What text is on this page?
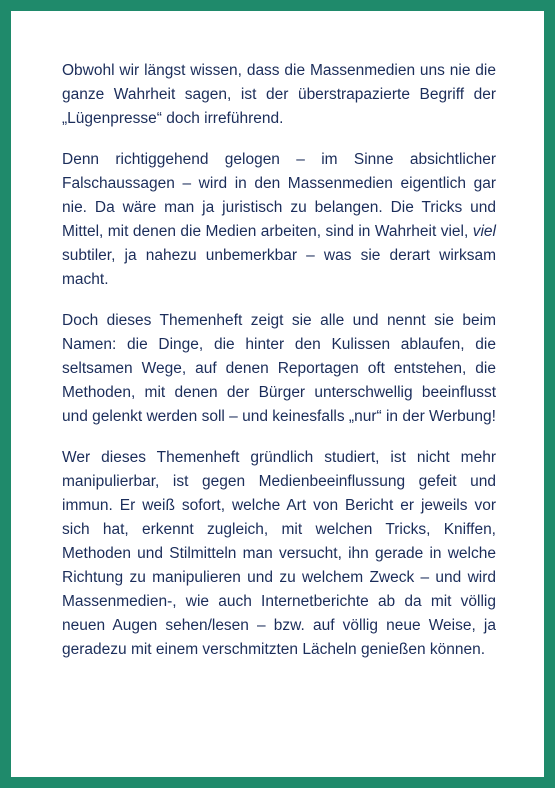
Obwohl wir längst wissen, dass die Massenmedien uns nie die ganze Wahrheit sagen, ist der überstrapazierte Begriff der „Lügenpresse“ doch irreführend.

Denn richtiggehend gelogen – im Sinne absichtlicher Falschaussagen – wird in den Massenmedien eigentlich gar nie. Da wäre man ja juristisch zu belangen. Die Tricks und Mittel, mit denen die Medien arbeiten, sind in Wahrheit viel, viel subtiler, ja nahezu unbemerkbar – was sie derart wirksam macht.

Doch dieses Themenheft zeigt sie alle und nennt sie beim Namen: die Dinge, die hinter den Kulissen ablaufen, die seltsamen Wege, auf denen Reportagen oft entstehen, die Methoden, mit denen der Bürger unterschwellig beeinflusst und gelenkt werden soll – und keinesfalls „nur“ in der Werbung!

Wer dieses Themenheft gründlich studiert, ist nicht mehr manipulierbar, ist gegen Medienbeeinflussung gefeit und immun. Er weiß sofort, welche Art von Bericht er jeweils vor sich hat, erkennt zugleich, mit welchen Tricks, Kniffen, Methoden und Stilmitteln man versucht, ihn gerade in welche Richtung zu manipulieren und zu welchem Zweck – und wird Massenmedien-, wie auch Internetberichte ab da mit völlig neuen Augen sehen/lesen – bzw. auf völlig neue Weise, ja geradezu mit einem verschmitzten Lächeln genießen können.
